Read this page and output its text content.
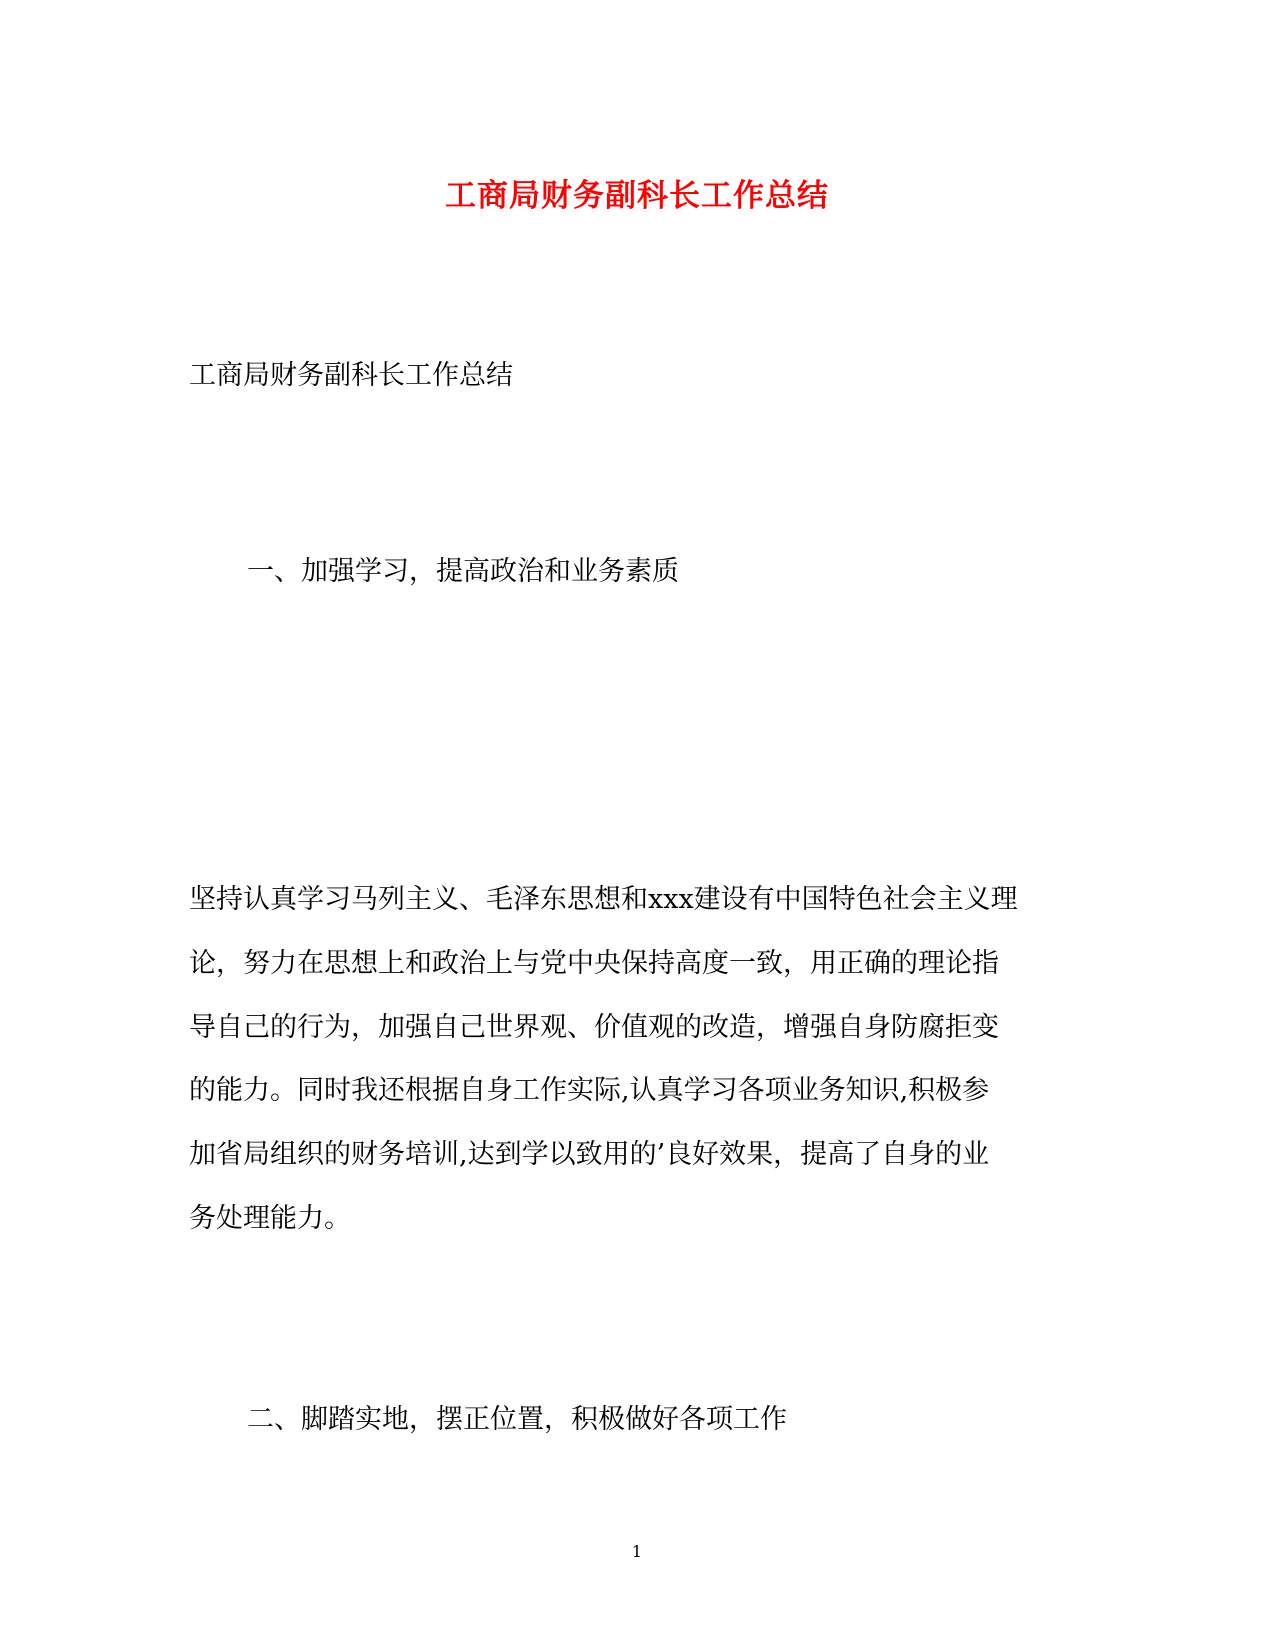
工商局财务副科长工作总结
工商局财务副科长工作总结
一、加强学习，提高政治和业务素质
坚持认真学习马列主义、毛泽东思想和xxx建设有中国特色社会主义理
论，努力在思想上和政治上与党中央保持高度一致，用正确的理论指
导自己的行为，加强自己世界观、价值观的改造，增强自身防腐拒变
的能力。同时我还根据自身工作实际,认真学习各项业务知识,积极参
加省局组织的财务培训,达到学以致用的’良好效果，提高了自身的业
务处理能力。
二、脚踏实地，摆正位置，积极做好各项工作
1
